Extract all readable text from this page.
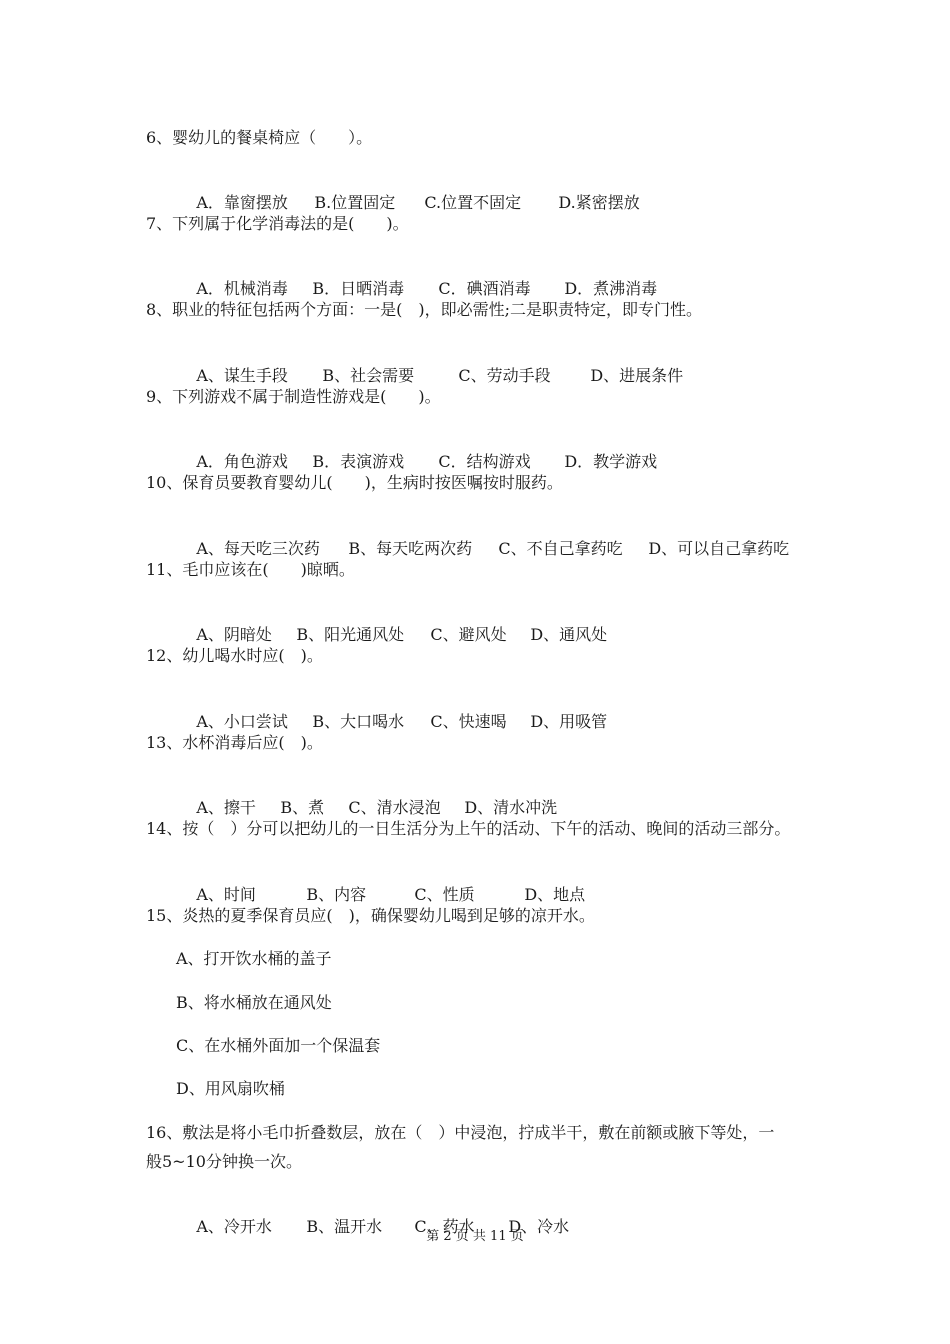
6、婴幼儿的餐桌椅应（　　）。

A．靠窗摆放 B.位置固定 C.位置不固定 D.紧密摆放

7、下列属于化学消毒法的是(　　)。

A．机械消毒 B．日晒消毒 C．碘酒消毒 D．煮沸消毒

8、职业的特征包括两个方面：一是(　)，即必需性;二是职责特定，即专门性。

A、谋生手段 B、社会需要	C、劳动手段 D、进展条件

9、下列游戏不属于制造性游戏是(　　)。

A．角色游戏 B．表演游戏 C．结构游戏 D．教学游戏

10、保育员要教育婴幼儿(　　)，生病时按医嘱按时服药。

A、每天吃三次药 B、每天吃两次药 C、不自己拿药吃 D、可以自己拿药吃

11、毛巾应该在(　　)晾晒。

A、阴暗处 B、阳光通风处 C、避风处 D、通风处

12、幼儿喝水时应(　)。

A、小口尝试 B、大口喝水 C、快速喝 D、用吸管

13、水杯消毒后应(　)。

A、擦干 B、煮 C、清水浸泡 D、清水冲洗

14、按（　）分可以把幼儿的一日生活分为上午的活动、下午的活动、晚间的活动三部分。

A、时间	B、内容	C、性质	D、地点

15、炎热的夏季保育员应(　)，确保婴幼儿喝到足够的凉开水。
A、打开饮水桶的盖子
B、将水桶放在通风处
C、在水桶外面加一个保温套
D、用风扇吹桶
16、敷法是将小毛巾折叠数层，放在（　）中浸泡，拧成半干，敷在前额或腋下等处，一
般5~10分钟换一次。

A、冷开水 B、温开水 C、药水 D、冷水

第 2 页 共 11 页
